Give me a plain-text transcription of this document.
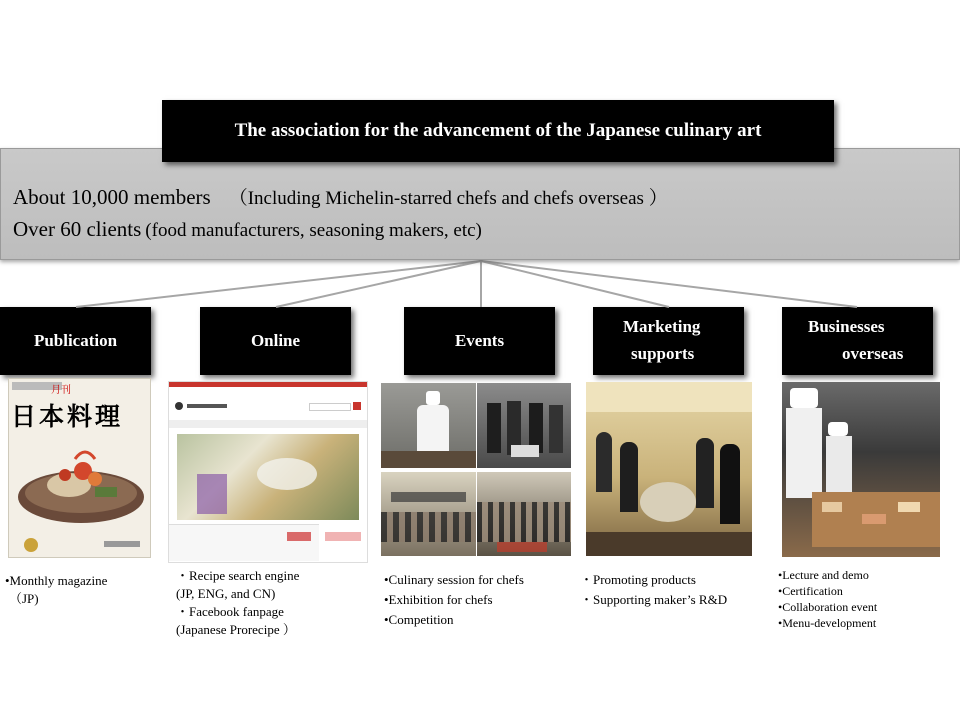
The association for the advancement of the Japanese culinary art
About 10,000 members （Including Michelin-starred chefs and chefs overseas ）
Over 60 clients (food manufacturers, seasoning makers, etc)
Publication	Online	Events
Marketing
supports
Businesses
overseas
月刊
日本料理
•Monthly magazine
（JP)
・Recipe search engine
(JP, ENG, and CN)
・Facebook fanpage
(Japanese Prorecipe ）
•Culinary session for chefs
•Exhibition for chefs
•Competition
・Promoting products
・Supporting maker’s R&D
•Lecture and demo
•Certification
•Collaboration event
•Menu-development
